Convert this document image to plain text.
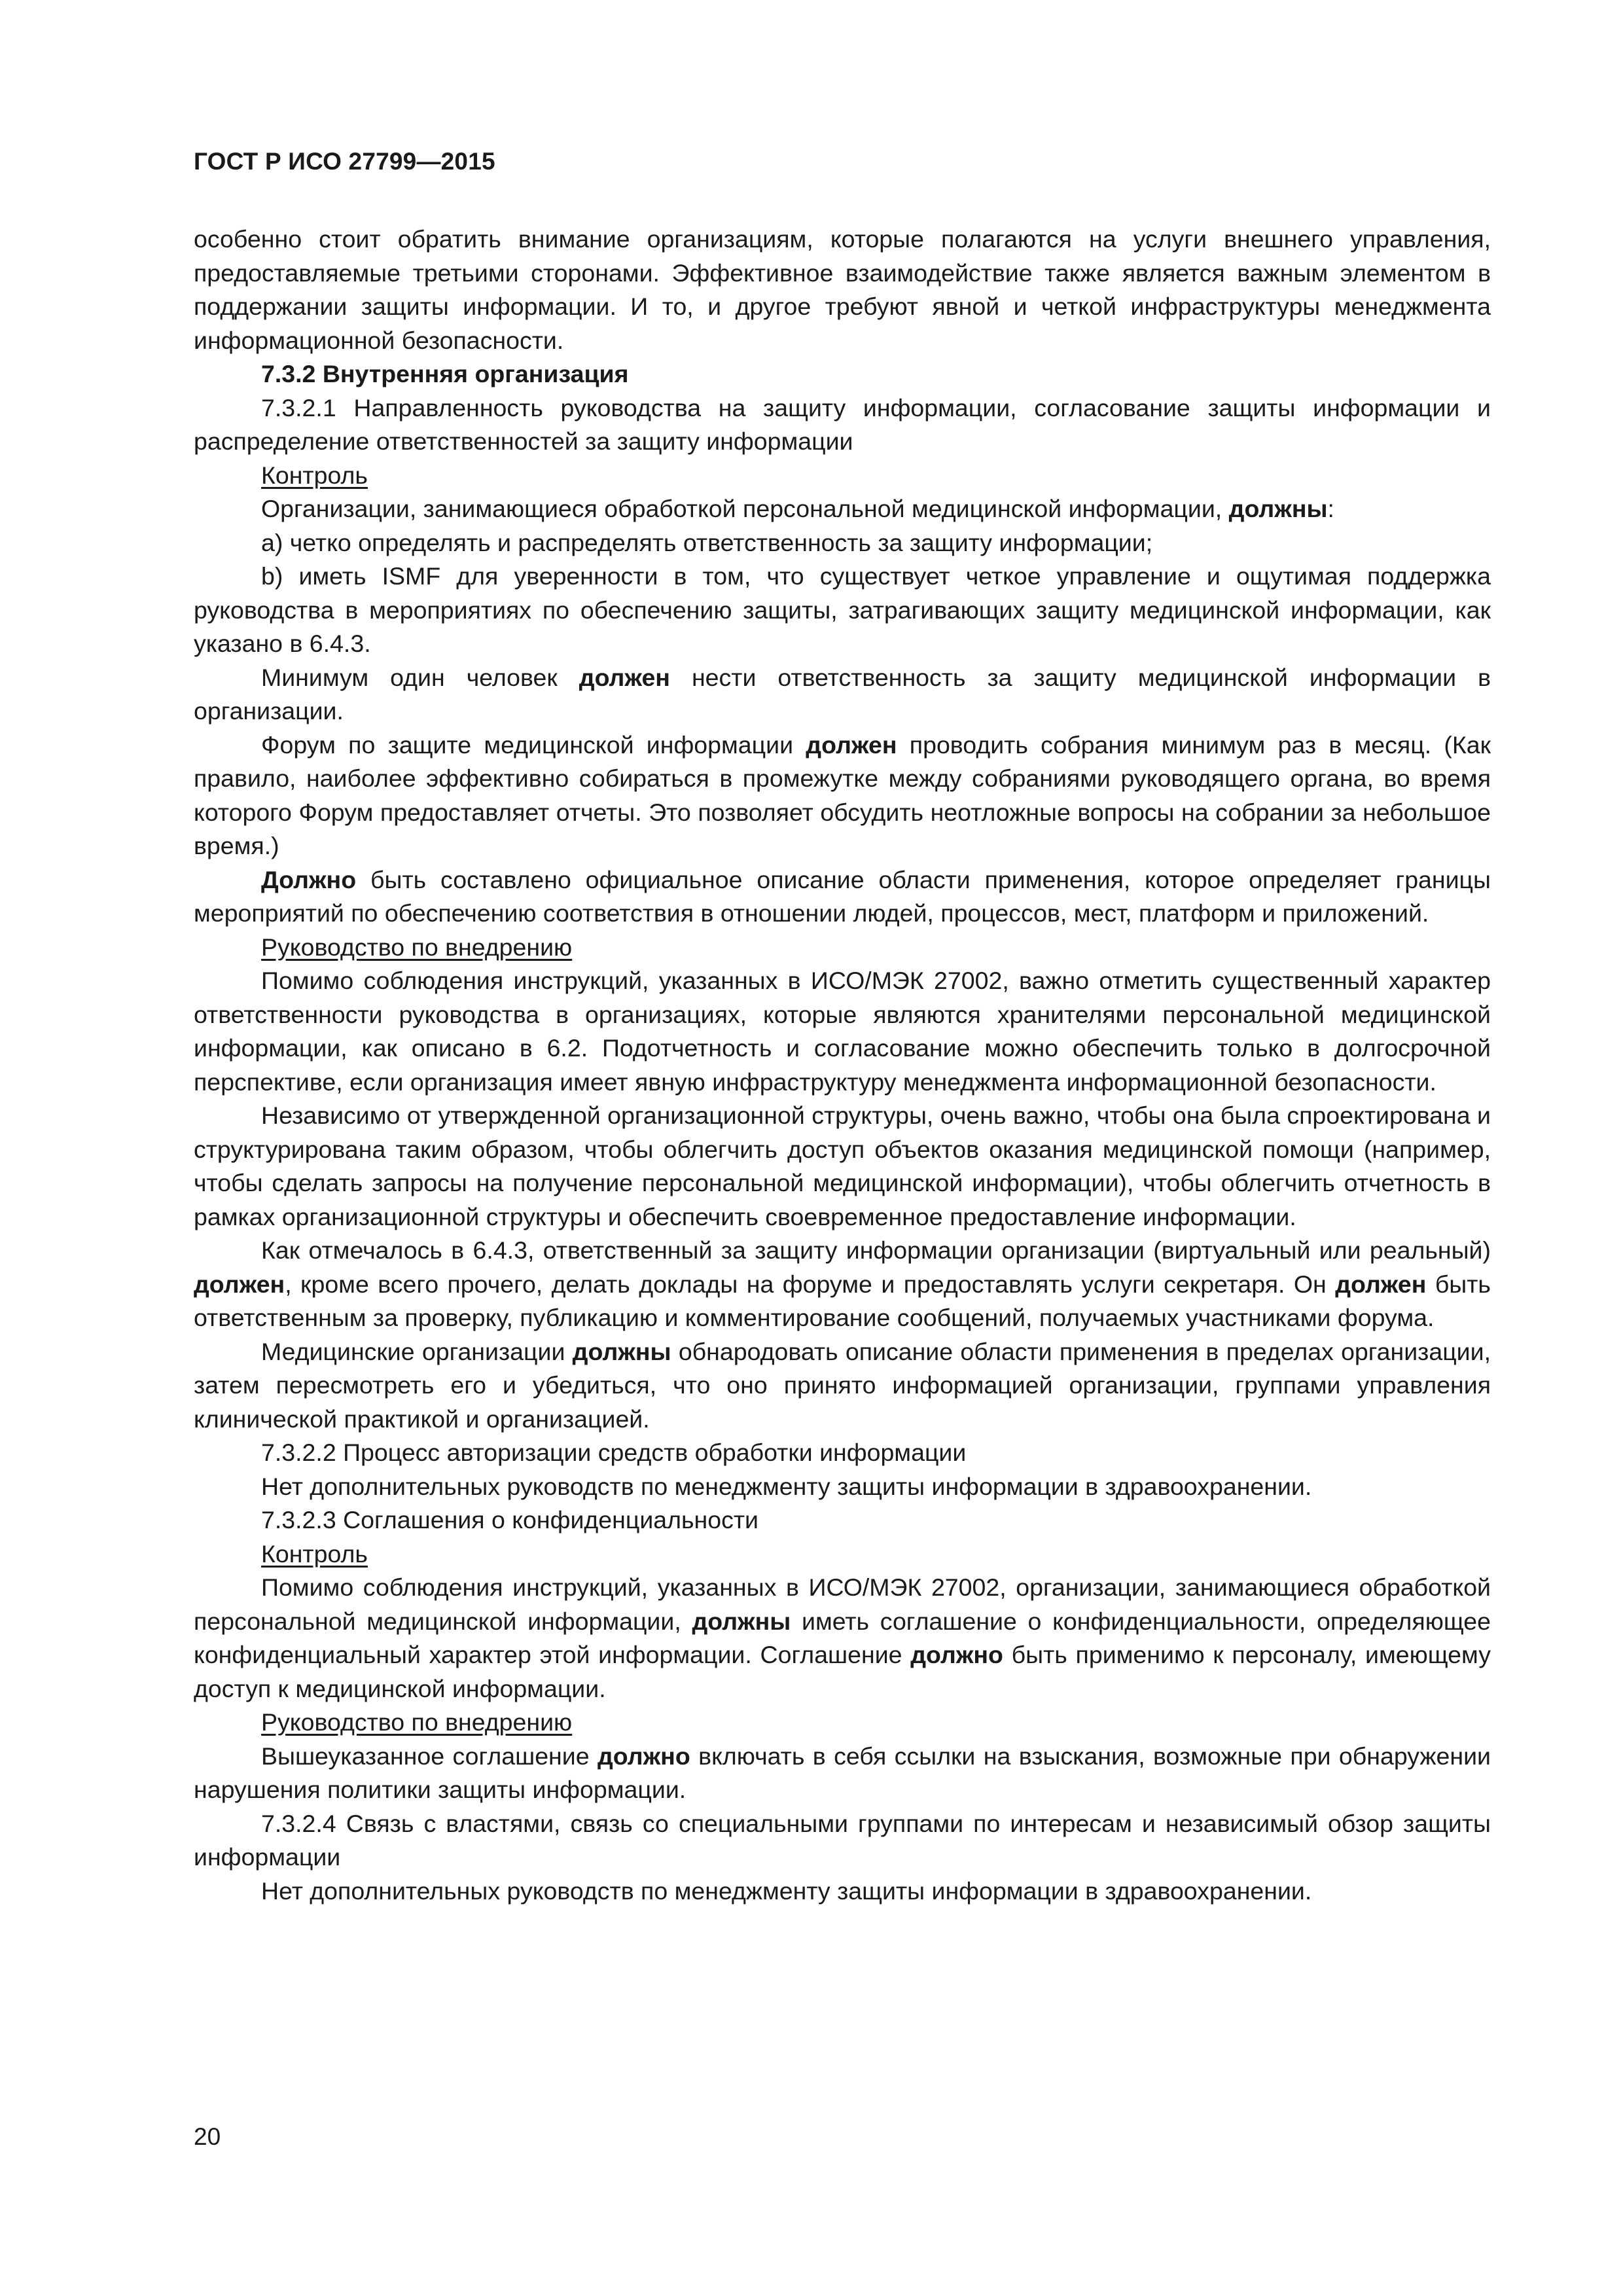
ГОСТ Р ИСО 27799—2015

особенно стоит обратить внимание организациям, которые полагаются на услуги внешнего управления, предоставляемые третьими сторонами. Эффективное взаимодействие также является важным элементом в поддержании защиты информации. И то, и другое требуют явной и четкой инфраструктуры менеджмента информационной безопасности.

7.3.2 Внутренняя организация

7.3.2.1 Направленность руководства на защиту информации, согласование защиты информации и распределение ответственностей за защиту информации

Контроль

Организации, занимающиеся обработкой персональной медицинской информации, должны:

а) четко определять и распределять ответственность за защиту информации;

b) иметь ISMF для уверенности в том, что существует четкое управление и ощутимая поддержка руководства в мероприятиях по обеспечению защиты, затрагивающих защиту медицинской информации, как указано в 6.4.3.

Минимум один человек должен нести ответственность за защиту медицинской информации в организации.

Форум по защите медицинской информации должен проводить собрания минимум раз в месяц. (Как правило, наиболее эффективно собираться в промежутке между собраниями руководящего органа, во время которого Форум предоставляет отчеты. Это позволяет обсудить неотложные вопросы на собрании за небольшое время.)

Должно быть составлено официальное описание области применения, которое определяет границы мероприятий по обеспечению соответствия в отношении людей, процессов, мест, платформ и приложений.

Руководство по внедрению

Помимо соблюдения инструкций, указанных в ИСО/МЭК 27002, важно отметить существенный характер ответственности руководства в организациях, которые являются хранителями персональной медицинской информации, как описано в 6.2. Подотчетность и согласование можно обеспечить только в долгосрочной перспективе, если организация имеет явную инфраструктуру менеджмента информационной безопасности.

Независимо от утвержденной организационной структуры, очень важно, чтобы она была спроектирована и структурирована таким образом, чтобы облегчить доступ объектов оказания медицинской помощи (например, чтобы сделать запросы на получение персональной медицинской информации), чтобы облегчить отчетность в рамках организационной структуры и обеспечить своевременное предоставление информации.

Как отмечалось в 6.4.3, ответственный за защиту информации организации (виртуальный или реальный) должен, кроме всего прочего, делать доклады на форуме и предоставлять услуги секретаря. Он должен быть ответственным за проверку, публикацию и комментирование сообщений, получаемых участниками форума.

Медицинские организации должны обнародовать описание области применения в пределах организации, затем пересмотреть его и убедиться, что оно принято информацией организации, группами управления клинической практикой и организацией.

7.3.2.2 Процесс авторизации средств обработки информации

Нет дополнительных руководств по менеджменту защиты информации в здравоохранении.

7.3.2.3 Соглашения о конфиденциальности

Контроль

Помимо соблюдения инструкций, указанных в ИСО/МЭК 27002, организации, занимающиеся обработкой персональной медицинской информации, должны иметь соглашение о конфиденциальности, определяющее конфиденциальный характер этой информации. Соглашение должно быть применимо к персоналу, имеющему доступ к медицинской информации.

Руководство по внедрению

Вышеуказанное соглашение должно включать в себя ссылки на взыскания, возможные при обнаружении нарушения политики защиты информации.

7.3.2.4 Связь с властями, связь со специальными группами по интересам и независимый обзор защиты информации

Нет дополнительных руководств по менеджменту защиты информации в здравоохранении.

20
